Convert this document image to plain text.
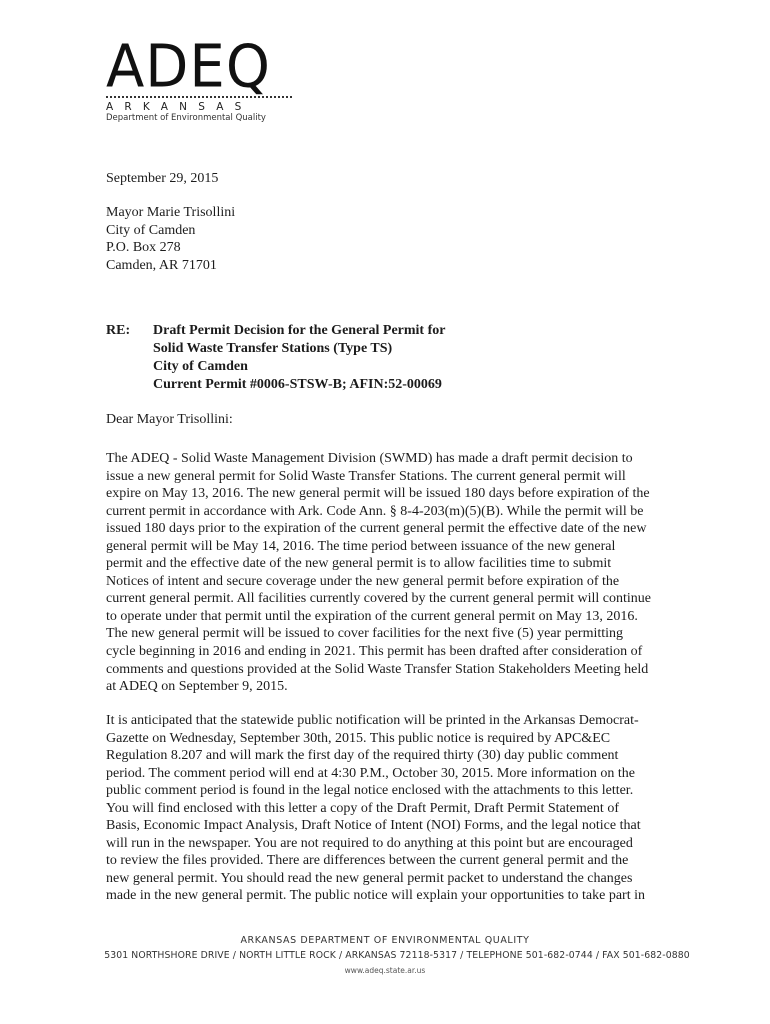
ADEQ
ARKANSAS
Department of Environmental Quality
September 29, 2015
Mayor Marie Trisollini
City of Camden
P.O. Box 278
Camden, AR 71701
RE: Draft Permit Decision for the General Permit for
Solid Waste Transfer Stations (Type TS)
City of Camden
Current Permit #0006-STSW-B; AFIN:52-00069
Dear Mayor Trisollini:
The ADEQ - Solid Waste Management Division (SWMD) has made a draft permit decision to
issue a new general permit for Solid Waste Transfer Stations. The current general permit will
expire on May 13, 2016. The new general permit will be issued 180 days before expiration of the
current permit in accordance with Ark. Code Ann. § 8-4-203(m)(5)(B). While the permit will be
issued 180 days prior to the expiration of the current general permit the effective date of the new
general permit will be May 14, 2016. The time period between issuance of the new general
permit and the effective date of the new general permit is to allow facilities time to submit
Notices of intent and secure coverage under the new general permit before expiration of the
current general permit. All facilities currently covered by the current general permit will continue
to operate under that permit until the expiration of the current general permit on May 13, 2016.
The new general permit will be issued to cover facilities for the next five (5) year permitting
cycle beginning in 2016 and ending in 2021. This permit has been drafted after consideration of
comments and questions provided at the Solid Waste Transfer Station Stakeholders Meeting held
at ADEQ on September 9, 2015.
It is anticipated that the statewide public notification will be printed in the Arkansas Democrat-
Gazette on Wednesday, September 30th, 2015. This public notice is required by APC&EC
Regulation 8.207 and will mark the first day of the required thirty (30) day public comment
period. The comment period will end at 4:30 P.M., October 30, 2015. More information on the
public comment period is found in the legal notice enclosed with the attachments to this letter.
You will find enclosed with this letter a copy of the Draft Permit, Draft Permit Statement of
Basis, Economic Impact Analysis, Draft Notice of Intent (NOI) Forms, and the legal notice that
will run in the newspaper. You are not required to do anything at this point but are encouraged
to review the files provided. There are differences between the current general permit and the
new general permit. You should read the new general permit packet to understand the changes
made in the new general permit. The public notice will explain your opportunities to take part in
ARKANSAS DEPARTMENT OF ENVIRONMENTAL QUALITY
5301 NORTHSHORE DRIVE / NORTH LITTLE ROCK / ARKANSAS 72118-5317 / TELEPHONE 501-682-0744 / FAX 501-682-0880
www.adeq.state.ar.us
